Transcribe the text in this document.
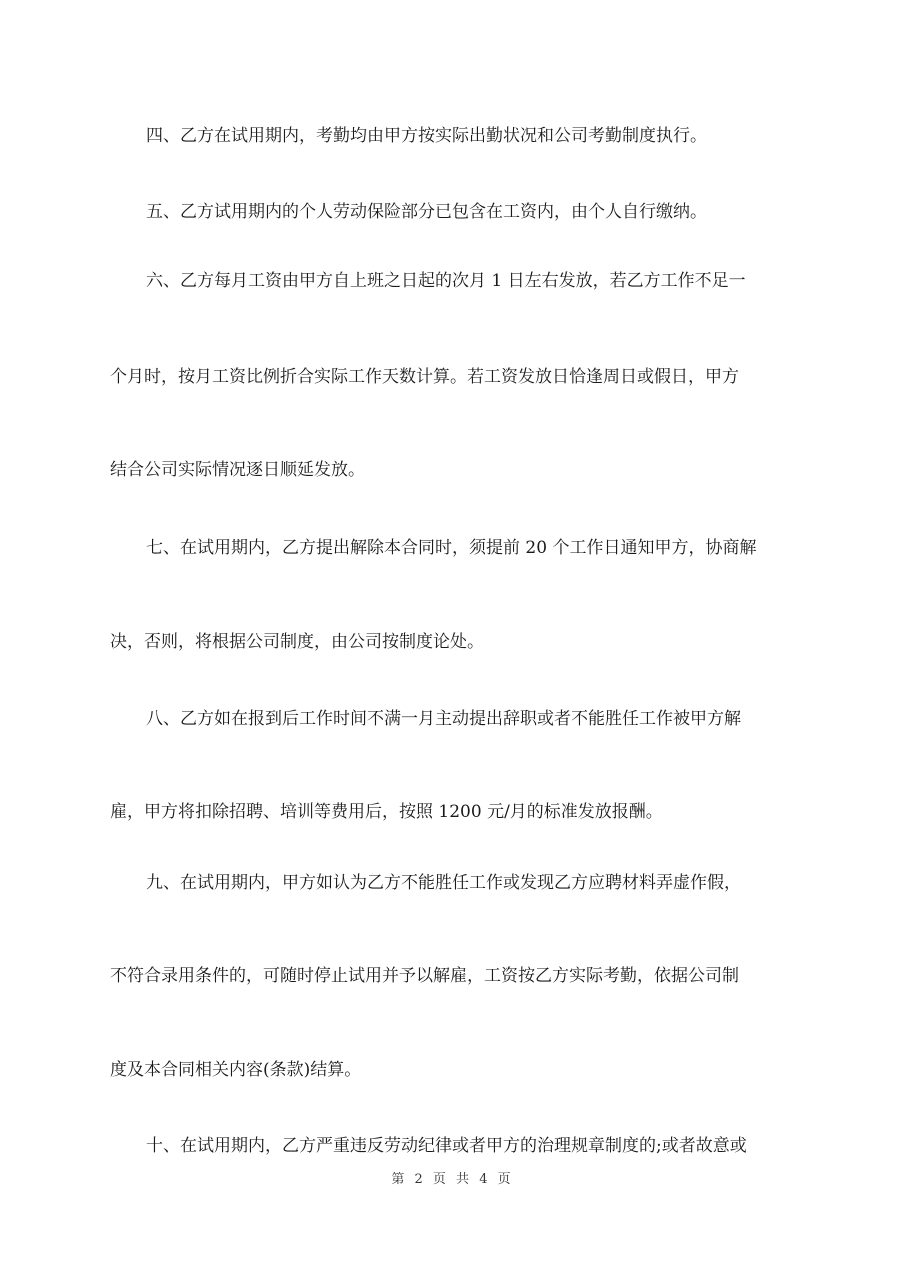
四、乙方在试用期内，考勤均由甲方按实际出勤状况和公司考勤制度执行。
五、乙方试用期内的个人劳动保险部分已包含在工资内，由个人自行缴纳。
六、乙方每月工资由甲方自上班之日起的次月 1 日左右发放，若乙方工作不足一
个月时，按月工资比例折合实际工作天数计算。若工资发放日恰逢周日或假日，甲方
结合公司实际情况逐日顺延发放。
七、在试用期内，乙方提出解除本合同时，须提前 20 个工作日通知甲方，协商解
决，否则，将根据公司制度，由公司按制度论处。
八、乙方如在报到后工作时间不满一月主动提出辞职或者不能胜任工作被甲方解
雇，甲方将扣除招聘、培训等费用后，按照 1200 元/月的标准发放报酬。
九、在试用期内，甲方如认为乙方不能胜任工作或发现乙方应聘材料弄虚作假，
不符合录用条件的，可随时停止试用并予以解雇，工资按乙方实际考勤，依据公司制
度及本合同相关内容(条款)结算。
十、在试用期内，乙方严重违反劳动纪律或者甲方的治理规章制度的;或者故意或
第 2 页 共 4 页
